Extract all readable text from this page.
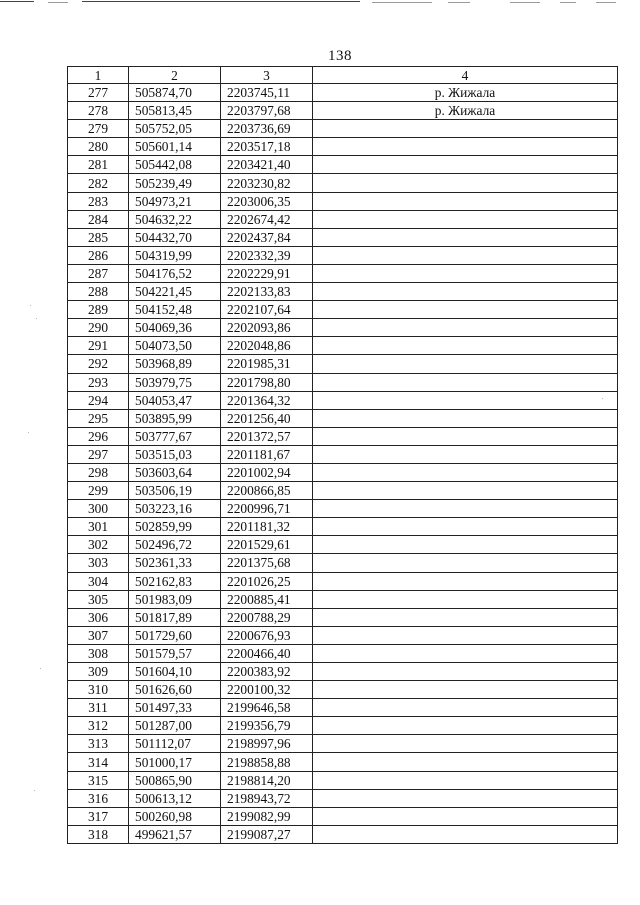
138
1	2	3	4
277	505874,70	2203745,11	р. Жижала
278	505813,45	2203797,68	р. Жижала
279	505752,05	2203736,69	
280	505601,14	2203517,18	
281	505442,08	2203421,40	
282	505239,49	2203230,82	
283	504973,21	2203006,35	
284	504632,22	2202674,42	
285	504432,70	2202437,84	
286	504319,99	2202332,39	
287	504176,52	2202229,91	
288	504221,45	2202133,83	
289	504152,48	2202107,64	
290	504069,36	2202093,86	
291	504073,50	2202048,86	
292	503968,89	2201985,31	
293	503979,75	2201798,80	
294	504053,47	2201364,32	
295	503895,99	2201256,40	
296	503777,67	2201372,57	
297	503515,03	2201181,67	
298	503603,64	2201002,94	
299	503506,19	2200866,85	
300	503223,16	2200996,71	
301	502859,99	2201181,32	
302	502496,72	2201529,61	
303	502361,33	2201375,68	
304	502162,83	2201026,25	
305	501983,09	2200885,41	
306	501817,89	2200788,29	
307	501729,60	2200676,93	
308	501579,57	2200466,40	
309	501604,10	2200383,92	
310	501626,60	2200100,32	
311	501497,33	2199646,58	
312	501287,00	2199356,79	
313	501112,07	2198997,96	
314	501000,17	2198858,88	
315	500865,90	2198814,20	
316	500613,12	2198943,72	
317	500260,98	2199082,99	
318	499621,57	2199087,27	
